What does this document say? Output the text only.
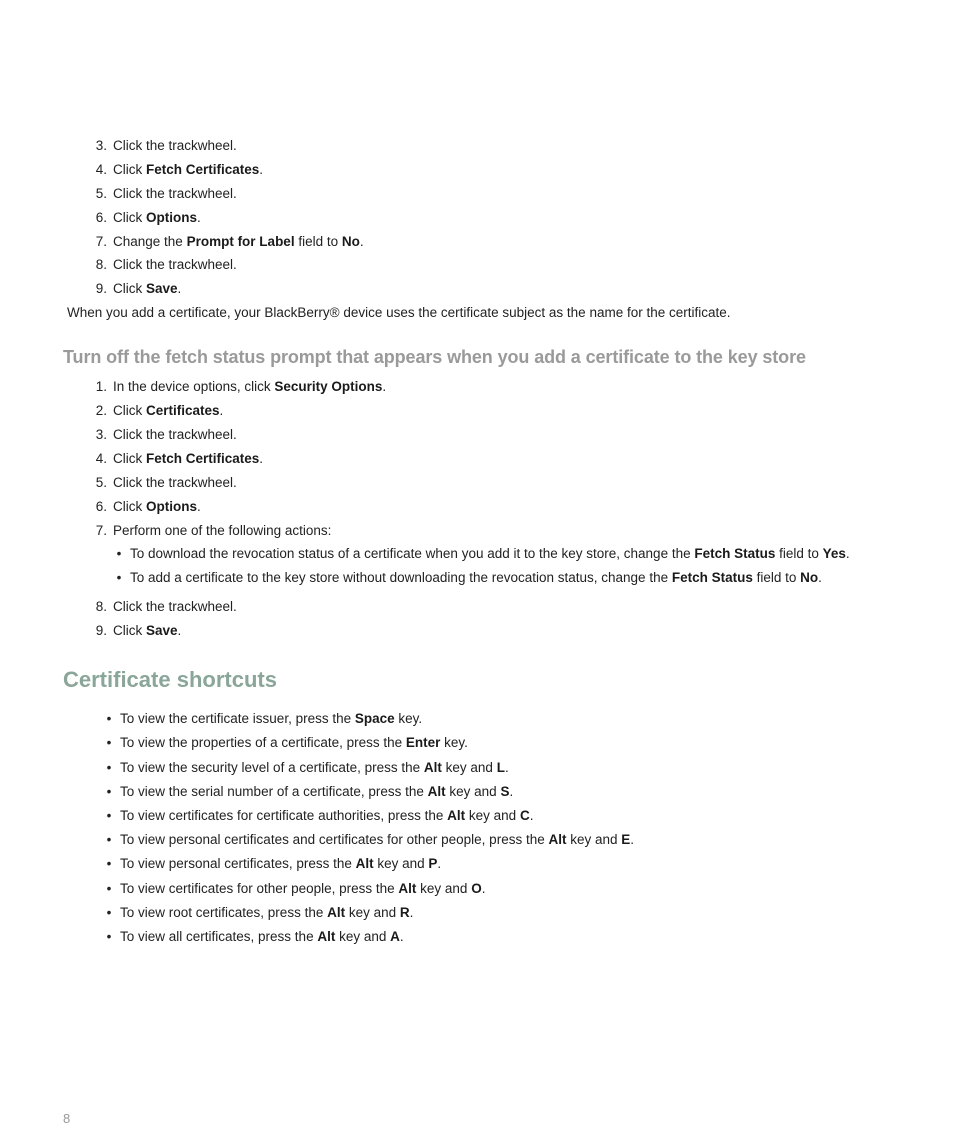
3. Click the trackwheel.
4. Click Fetch Certificates.
5. Click the trackwheel.
6. Click Options.
7. Change the Prompt for Label field to No.
8. Click the trackwheel.
9. Click Save.
When you add a certificate, your BlackBerry® device uses the certificate subject as the name for the certificate.
Turn off the fetch status prompt that appears when you add a certificate to the key store
1. In the device options, click Security Options.
2. Click Certificates.
3. Click the trackwheel.
4. Click Fetch Certificates.
5. Click the trackwheel.
6. Click Options.
7. Perform one of the following actions:
• To download the revocation status of a certificate when you add it to the key store, change the Fetch Status field to Yes.
• To add a certificate to the key store without downloading the revocation status, change the Fetch Status field to No.
8. Click the trackwheel.
9. Click Save.
Certificate shortcuts
• To view the certificate issuer, press the Space key.
• To view the properties of a certificate, press the Enter key.
• To view the security level of a certificate, press the Alt key and L.
• To view the serial number of a certificate, press the Alt key and S.
• To view certificates for certificate authorities, press the Alt key and C.
• To view personal certificates and certificates for other people, press the Alt key and E.
• To view personal certificates, press the Alt key and P.
• To view certificates for other people, press the Alt key and O.
• To view root certificates, press the Alt key and R.
• To view all certificates, press the Alt key and A.
8
